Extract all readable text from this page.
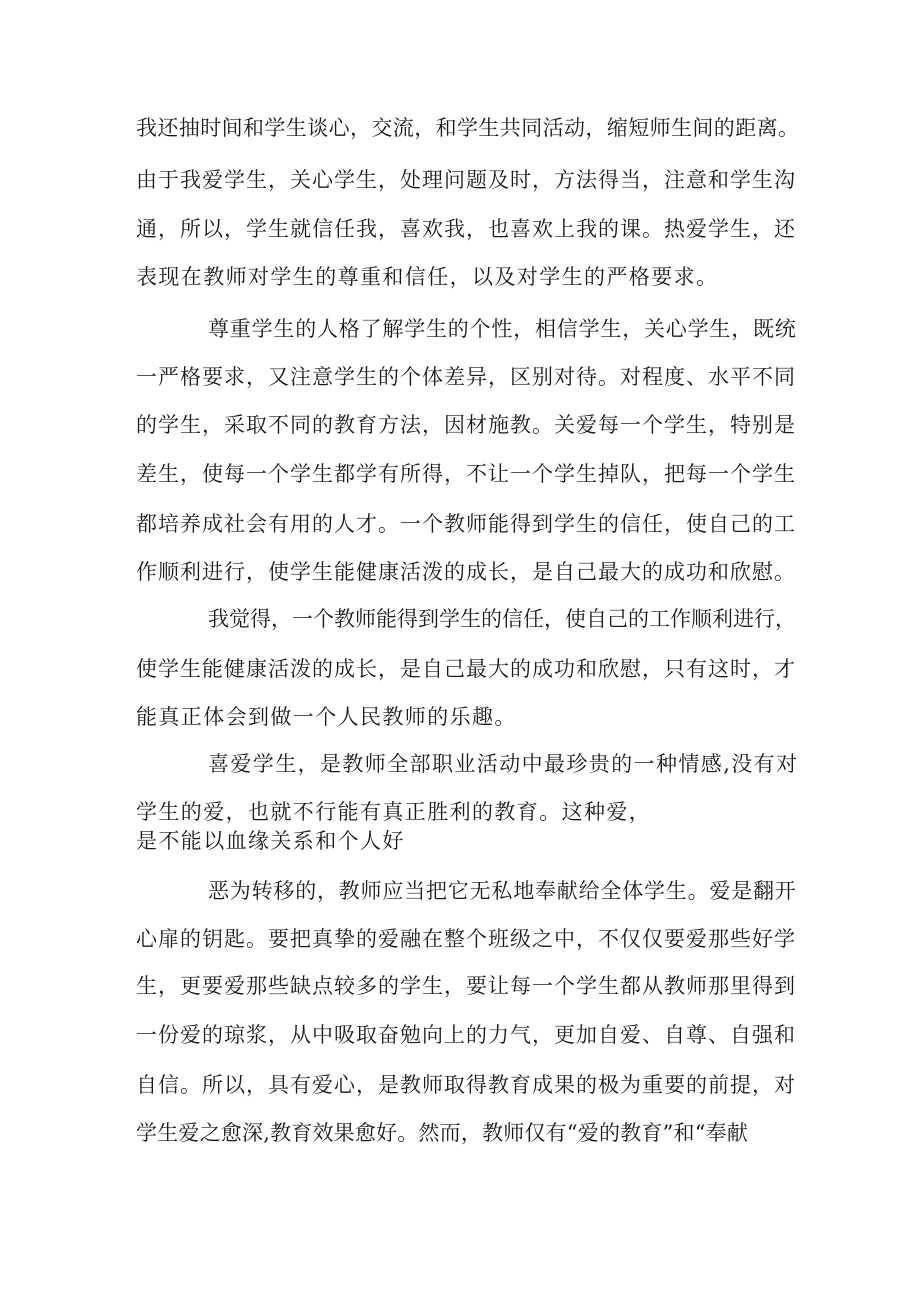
我还抽时间和学生谈心，交流，和学生共同活动，缩短师生间的距离。
由于我爱学生，关心学生，处理问题及时，方法得当，注意和学生沟
通，所以，学生就信任我，喜欢我，也喜欢上我的课。热爱学生，还
表现在教师对学生的尊重和信任，以及对学生的严格要求。
尊重学生的人格了解学生的个性，相信学生，关心学生，既统
一严格要求，又注意学生的个体差异，区别对待。对程度、水平不同
的学生，采取不同的教育方法，因材施教。关爱每一个学生，特别是
差生，使每一个学生都学有所得，不让一个学生掉队，把每一个学生
都培养成社会有用的人才。一个教师能得到学生的信任，使自己的工
作顺利进行，使学生能健康活泼的成长，是自己最大的成功和欣慰。
我觉得，一个教师能得到学生的信任，使自己的工作顺利进行，
使学生能健康活泼的成长，是自己最大的成功和欣慰，只有这时，才
能真正体会到做一个人民教师的乐趣。
喜爱学生，是教师全部职业活动中最珍贵的一种情感,没有对
学生的爱，也就不行能有真正胜利的教育。这种爱，
是不能以血缘关系和个人好
恶为转移的，教师应当把它无私地奉献给全体学生。爱是翻开
心扉的钥匙。要把真挚的爱融在整个班级之中，不仅仅要爱那些好学
生，更要爱那些缺点较多的学生，要让每一个学生都从教师那里得到
一份爱的琼浆，从中吸取奋勉向上的力气，更加自爱、自尊、自强和
自信。所以，具有爱心，是教师取得教育成果的极为重要的前提，对
学生爱之愈深,教育效果愈好。然而，教师仅有“爱的教育”和“奉献
